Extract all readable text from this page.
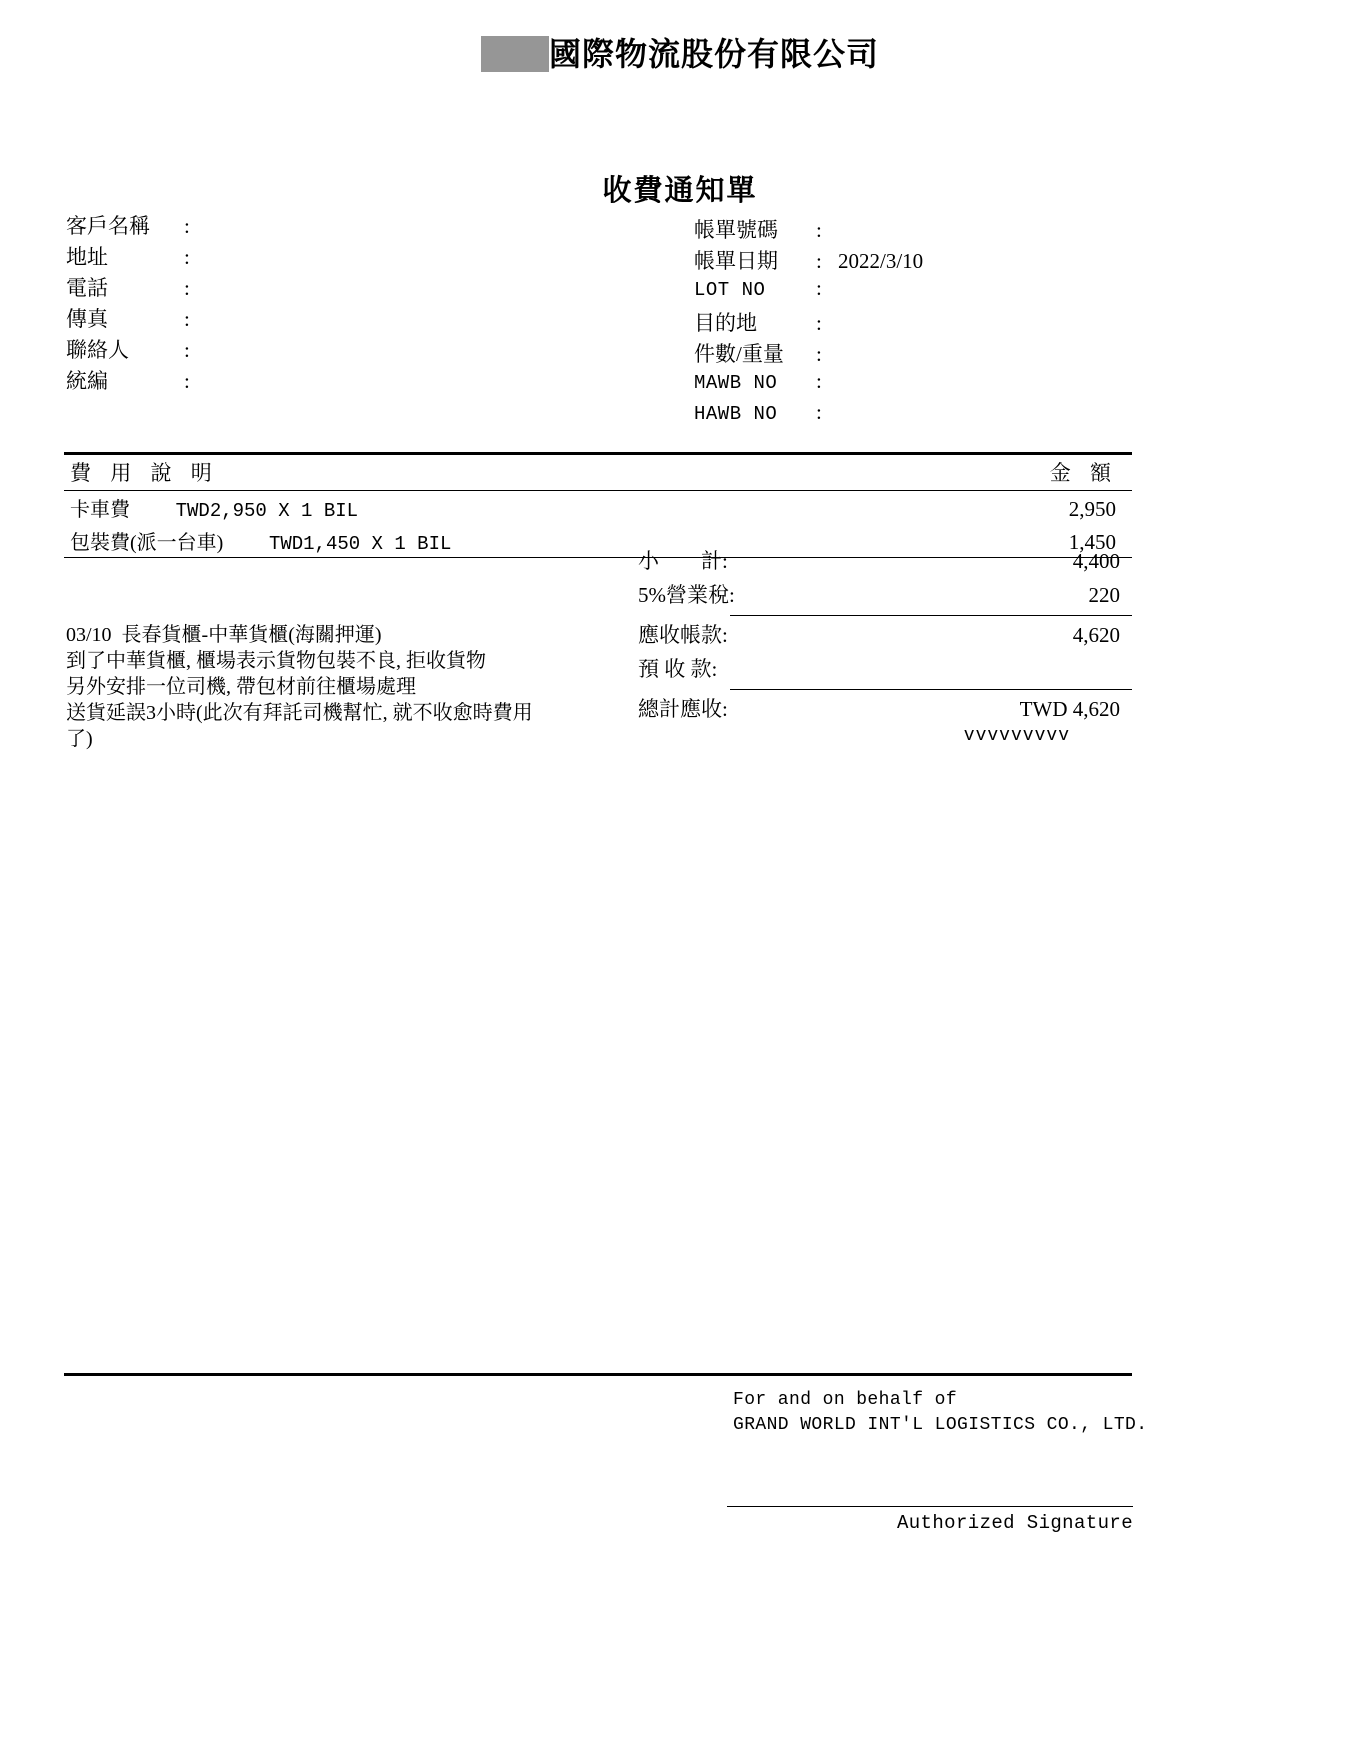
國際物流股份有限公司
收費通知單
客戶名稱	:
地址	:
電話	:
傳真	:
聯絡人	:
統編	:
帳單號碼	:
帳單日期	: 2022/3/10
LOT NO	:
目的地	:
件數/重量	:
MAWB NO	:
HAWB NO	:
費 用 說 明	金 額
卡車費 TWD2,950 X 1 BIL	2,950
包裝費(派一台車) TWD1,450 X 1 BIL	1,450
小　　計:	4,400
5%營業稅:	220
應收帳款:	4,620
預 收 款:
總計應收:	TWD 4,620
vvvvvvvvv
03/10  長春貨櫃-中華貨櫃(海關押運)
到了中華貨櫃, 櫃場表示貨物包裝不良, 拒收貨物
另外安排一位司機, 帶包材前往櫃場處理
送貨延誤3小時(此次有拜託司機幫忙, 就不收愈時費用
了)
For and on behalf of
GRAND WORLD INT'L LOGISTICS CO., LTD.
Authorized Signature
